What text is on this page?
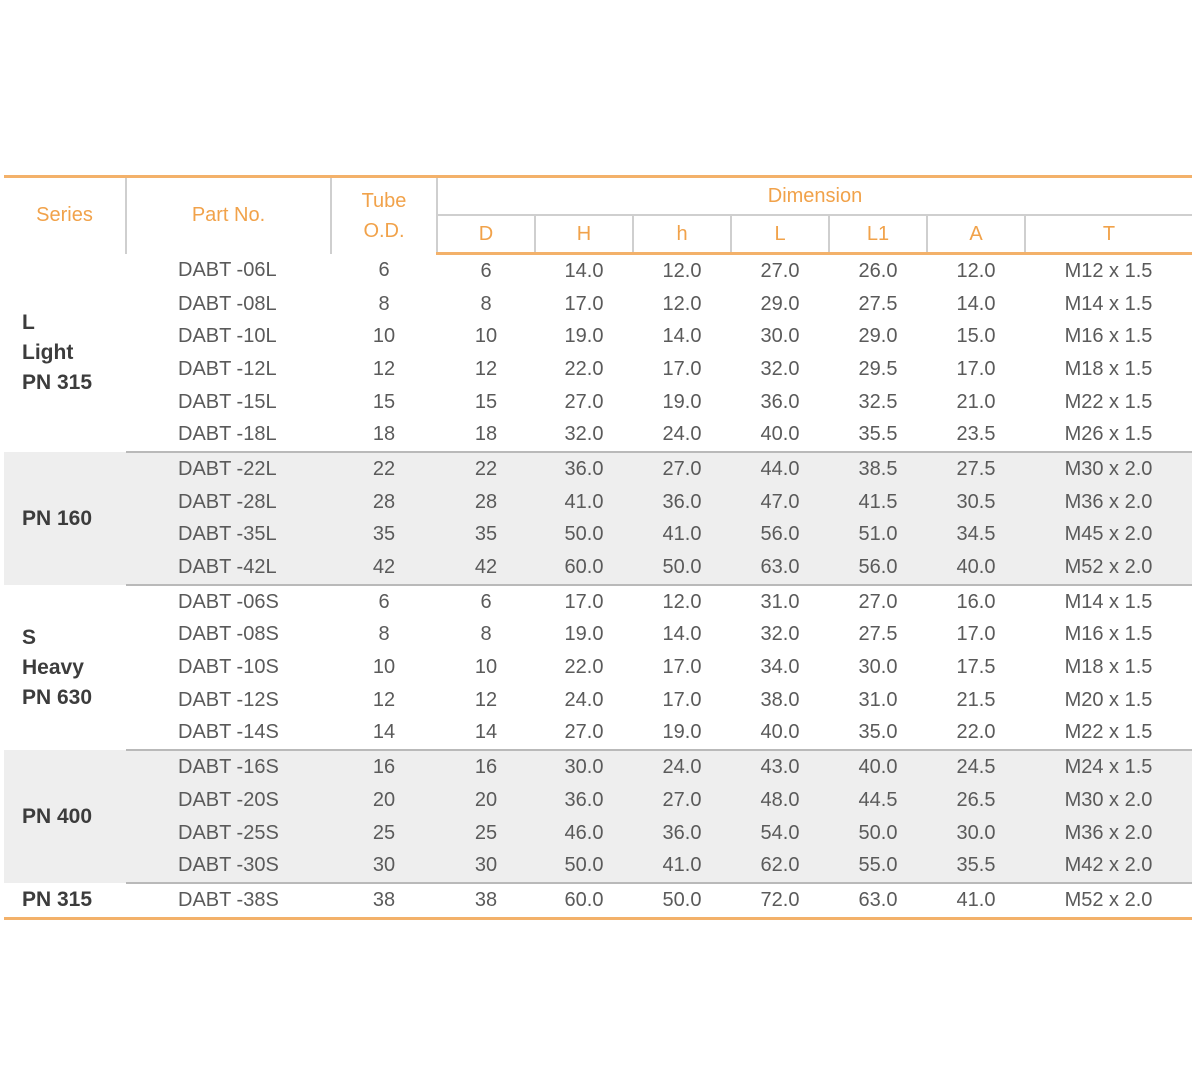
Series	Part No.	Tube
O.D.	Dimension						
			D	H	h	L	L1	A	T

L
Light
PN 315	DABT -06L	6	6	14.0	12.0	27.0	26.0	12.0	M12 x 1.5
	DABT -08L	8	8	17.0	12.0	29.0	27.5	14.0	M14 x 1.5
	DABT -10L	10	10	19.0	14.0	30.0	29.0	15.0	M16 x 1.5
	DABT -12L	12	12	22.0	17.0	32.0	29.5	17.0	M18 x 1.5
	DABT -15L	15	15	27.0	19.0	36.0	32.5	21.0	M22 x 1.5
	DABT -18L	18	18	32.0	24.0	40.0	35.5	23.5	M26 x 1.5

PN 160	DABT -22L	22	22	36.0	27.0	44.0	38.5	27.5	M30 x 2.0
	DABT -28L	28	28	41.0	36.0	47.0	41.5	30.5	M36 x 2.0
	DABT -35L	35	35	50.0	41.0	56.0	51.0	34.5	M45 x 2.0
	DABT -42L	42	42	60.0	50.0	63.0	56.0	40.0	M52 x 2.0

S
Heavy
PN 630	DABT -06S	6	6	17.0	12.0	31.0	27.0	16.0	M14 x 1.5
	DABT -08S	8	8	19.0	14.0	32.0	27.5	17.0	M16 x 1.5
	DABT -10S	10	10	22.0	17.0	34.0	30.0	17.5	M18 x 1.5
	DABT -12S	12	12	24.0	17.0	38.0	31.0	21.5	M20 x 1.5
	DABT -14S	14	14	27.0	19.0	40.0	35.0	22.0	M22 x 1.5

PN 400	DABT -16S	16	16	30.0	24.0	43.0	40.0	24.5	M24 x 1.5
	DABT -20S	20	20	36.0	27.0	48.0	44.5	26.5	M30 x 2.0
	DABT -25S	25	25	46.0	36.0	54.0	50.0	30.0	M36 x 2.0
	DABT -30S	30	30	50.0	41.0	62.0	55.0	35.5	M42 x 2.0

PN 315	DABT -38S	38	38	60.0	50.0	72.0	63.0	41.0	M52 x 2.0
